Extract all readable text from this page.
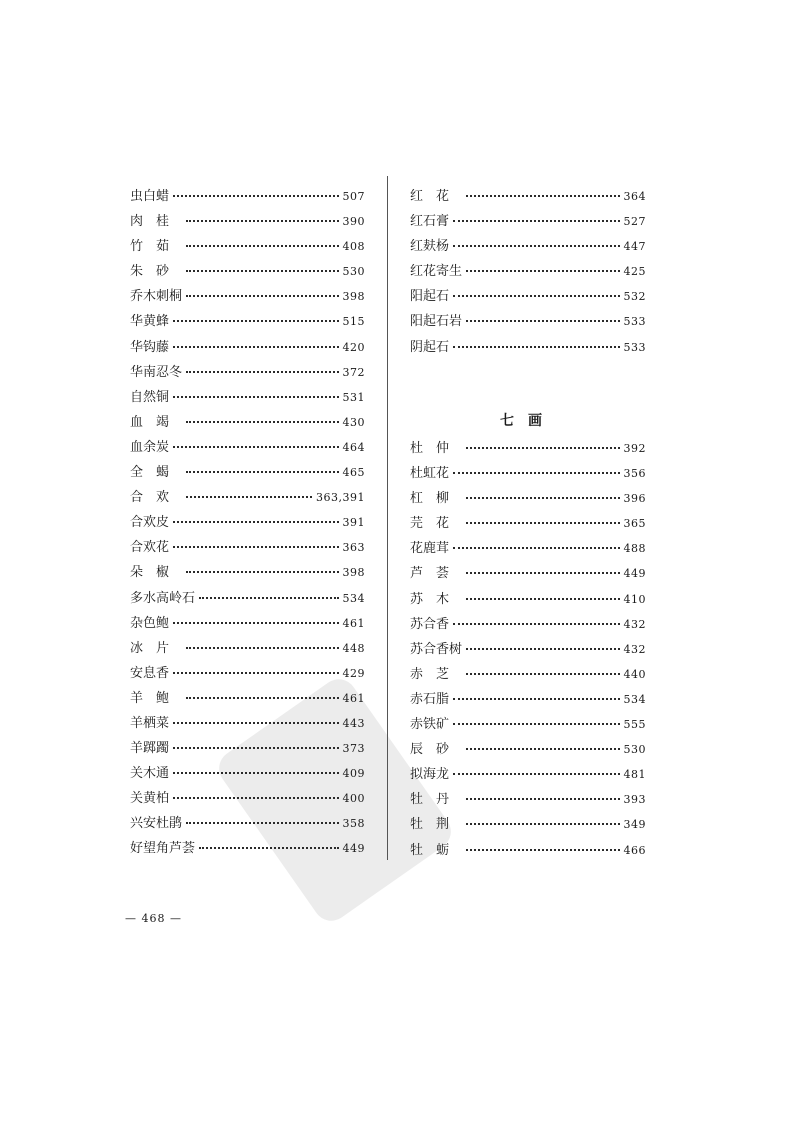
虫白蜡	507
肉桂	390
竹茹	408
朱砂	530
乔木刺桐	398
华黄蜂	515
华钩藤	420
华南忍冬	372
自然铜	531
血竭	430
血余炭	464
全蝎	465
合欢	363,391
合欢皮	391
合欢花	363
朵椒	398
多水高岭石	534
杂色鲍	461
冰片	448
安息香	429
羊鲍	461
羊栖菜	443
羊踯躅	373
关木通	409
关黄柏	400
兴安杜鹃	358
好望角芦荟	449
红花	364
红石膏	527
红麸杨	447
红花寄生	425
阳起石	532
阳起石岩	533
阴起石	533
七画
杜仲	392
杜虹花	356
杠柳	396
芫花	365
花鹿茸	488
芦荟	449
苏木	410
苏合香	432
苏合香树	432
赤芝	440
赤石脂	534
赤铁矿	555
辰砂	530
拟海龙	481
牡丹	393
牡荆	349
牡蛎	466
— 468 —
